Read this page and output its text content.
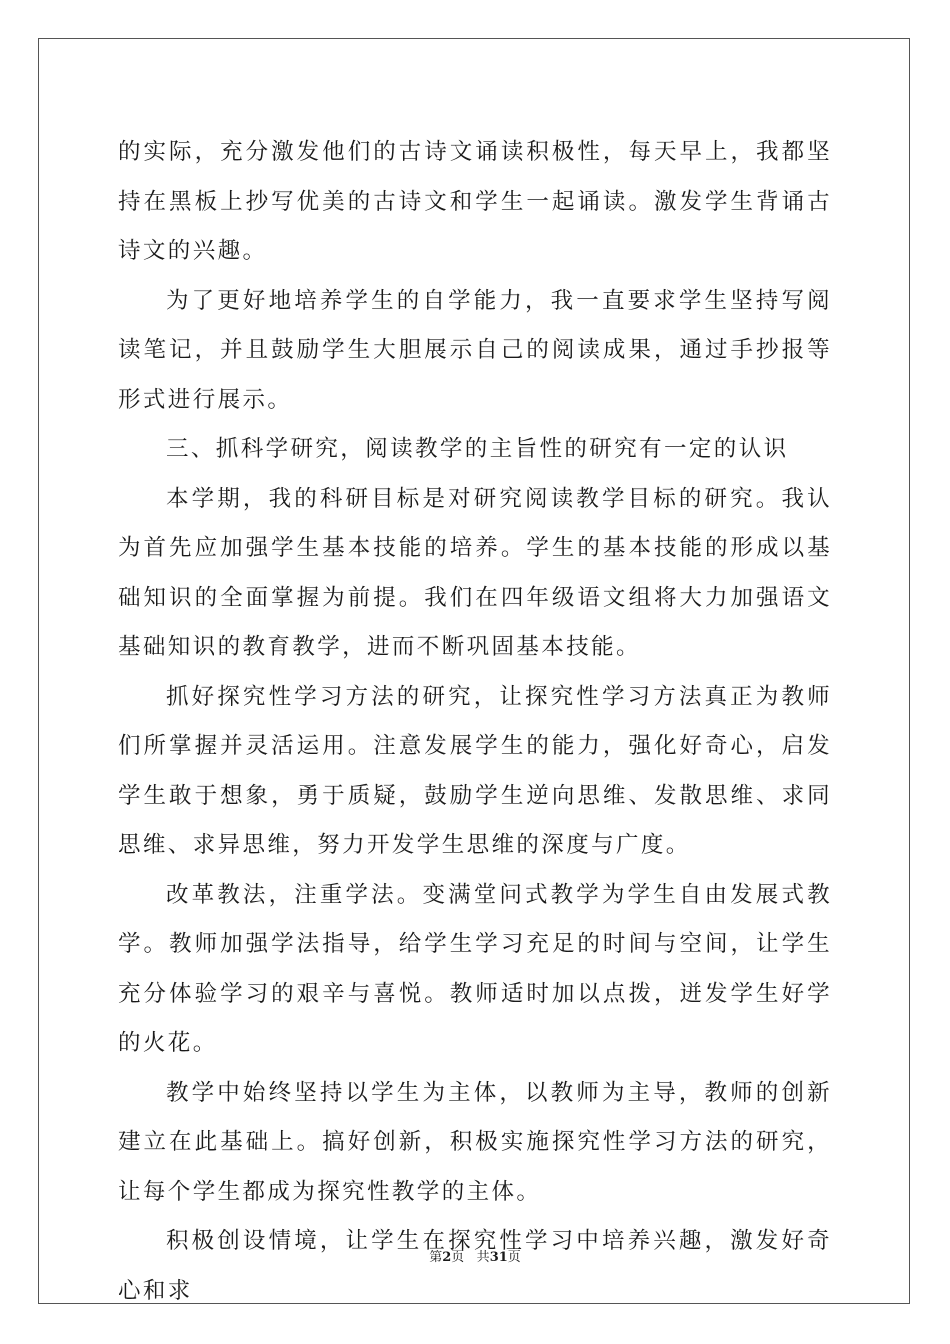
的实际，充分激发他们的古诗文诵读积极性，每天早上，我都坚持在黑板上抄写优美的古诗文和学生一起诵读。激发学生背诵古诗文的兴趣。

为了更好地培养学生的自学能力，我一直要求学生坚持写阅读笔记，并且鼓励学生大胆展示自己的阅读成果，通过手抄报等形式进行展示。

三、抓科学研究，阅读教学的主旨性的研究有一定的认识

本学期，我的科研目标是对研究阅读教学目标的研究。我认为首先应加强学生基本技能的培养。学生的基本技能的形成以基础知识的全面掌握为前提。我们在四年级语文组将大力加强语文基础知识的教育教学，进而不断巩固基本技能。

抓好探究性学习方法的研究，让探究性学习方法真正为教师们所掌握并灵活运用。注意发展学生的能力，强化好奇心，启发学生敢于想象，勇于质疑，鼓励学生逆向思维、发散思维、求同思维、求异思维，努力开发学生思维的深度与广度。

改革教法，注重学法。变满堂问式教学为学生自由发展式教学。教师加强学法指导，给学生学习充足的时间与空间，让学生充分体验学习的艰辛与喜悦。教师适时加以点拨，迸发学生好学的火花。

教学中始终坚持以学生为主体，以教师为主导，教师的创新建立在此基础上。搞好创新，积极实施探究性学习方法的研究，让每个学生都成为探究性教学的主体。

积极创设情境，让学生在探究性学习中培养兴趣，激发好奇心和求

第2页 共31页
